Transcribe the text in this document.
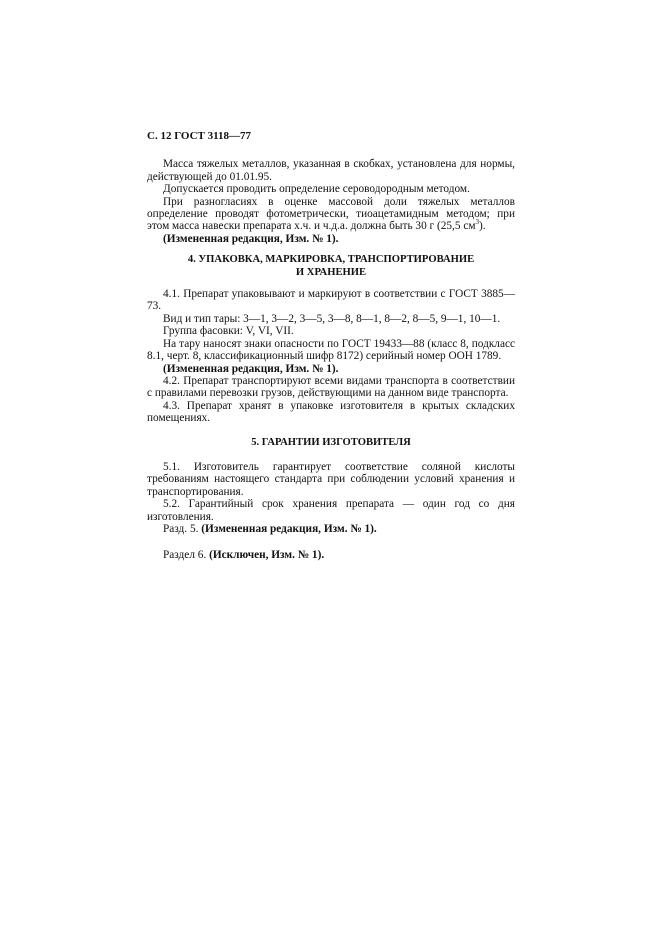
С. 12 ГОСТ 3118—77

Масса тяжелых металлов, указанная в скобках, установлена для нормы, действующей до 01.01.95.

Допускается проводить определение сероводородным методом.

При разногласиях в оценке массовой доли тяжелых металлов определение проводят фотометрически, тиоацетамидным методом; при этом масса навески препарата х.ч. и ч.д.а. должна быть 30 г (25,5 $см^3$).

(Измененная редакция, Изм. № 1).

4. УПАКОВКА, МАРКИРОВКА, ТРАНСПОРТИРОВАНИЕ
И ХРАНЕНИЕ

4.1. Препарат упаковывают и маркируют в соответствии с ГОСТ 3885—73.

Вид и тип тары: 3—1, 3—2, 3—5, 3—8, 8—1, 8—2, 8—5, 9—1, 10—1.

Группа фасовки: V, VI, VII.

На тару наносят знаки опасности по ГОСТ 19433—88 (класс 8, подкласс 8.1, черт. 8, классификационный шифр 8172) серийный номер ООН 1789.

(Измененная редакция, Изм. № 1).

4.2. Препарат транспортируют всеми видами транспорта в соответствии с правилами перевозки грузов, действующими на данном виде транспорта.

4.3. Препарат хранят в упаковке изготовителя в крытых складских помещениях.

5. ГАРАНТИИ ИЗГОТОВИТЕЛЯ

5.1. Изготовитель гарантирует соответствие соляной кислоты требованиям настоящего стандарта при соблюдении условий хранения и транспортирования.

5.2. Гарантийный срок хранения препарата — один год со дня изготовления.

Разд. 5. (Измененная редакция, Изм. № 1).

Раздел 6. (Исключен, Изм. № 1).
